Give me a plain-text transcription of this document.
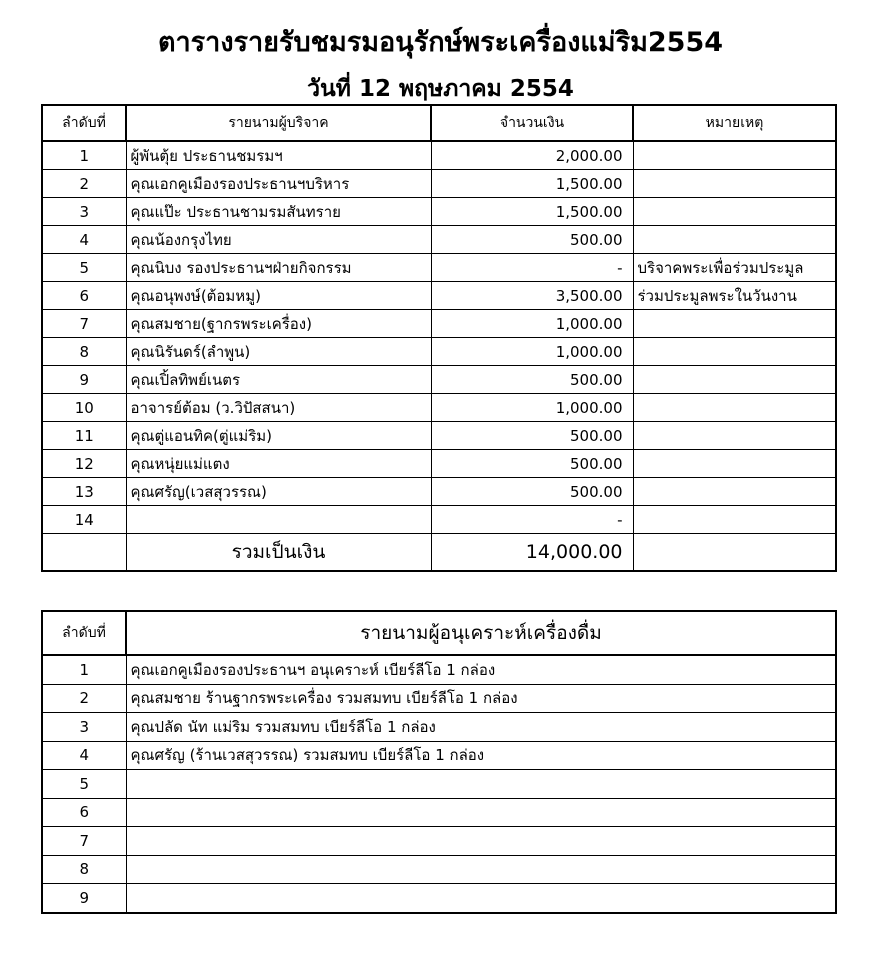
ตารางรายรับชมรมอนุรักษ์พระเครื่องแม่ริม2554
วันที่ 12 พฤษภาคม 2554
ลำดับที่	รายนามผู้บริจาค	จำนวนเงิน	หมายเหตุ
1	ผู้พันตุ้ย ประธานชมรมฯ	2,000.00	
2	คุณเอกคูเมืองรองประธานฯบริหาร	1,500.00	
3	คุณแป๊ะ ประธานชามรมสันทราย	1,500.00	
4	คุณน้องกรุงไทย	500.00	
5	คุณนิบง รองประธานฯฝ่ายกิจกรรม	-	บริจาคพระเพื่อร่วมประมูล
6	คุณอนุพงษ์(ต้อมหมู)	3,500.00	ร่วมประมูลพระในวันงาน
7	คุณสมชาย(ฐากรพระเครื่อง)	1,000.00	
8	คุณนิรันดร์(ลำพูน)	1,000.00	
9	คุณเปิ้ลทิพย์เนตร	500.00	
10	อาจารย์ต้อม (ว.วิปัสสนา)	1,000.00	
11	คุณตู่แอนทิค(ตู่แม่ริม)	500.00	
12	คุณหนุ่ยแม่แตง	500.00	
13	คุณศรัญ(เวสสุวรรณ)	500.00	
14		-	
	รวมเป็นเงิน	14,000.00	
ลำดับที่	รายนามผู้อนุเคราะห์เครื่องดื่ม
1	คุณเอกคูเมืองรองประธานฯ อนุเคราะห์ เบียร์ลีโอ 1 กล่อง
2	คุณสมชาย ร้านฐากรพระเครื่อง รวมสมทบ เบียร์ลีโอ 1 กล่อง
3	คุณปลัด นัท แม่ริม รวมสมทบ เบียร์ลีโอ 1 กล่อง
4	คุณศรัญ (ร้านเวสสุวรรณ) รวมสมทบ เบียร์ลีโอ 1 กล่อง
5	
6	
7	
8	
9	
